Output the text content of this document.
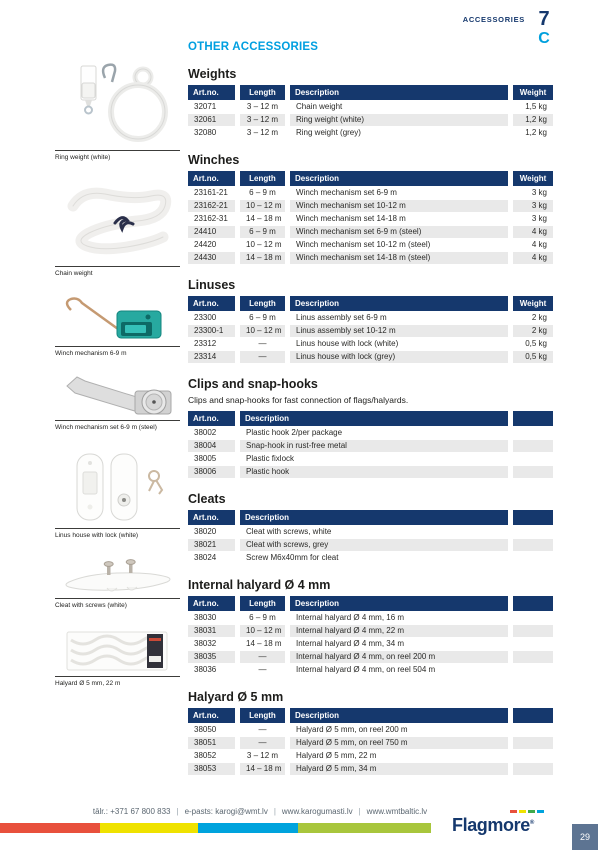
ACCESSORIES 7
C
Ring weight (white)
Chain weight
Winch mechanism 6-9 m
Winch mechanism set 6-9 m (steel)
Linus house with lock (white)
Cleat with screws (white)
Halyard Ø 5 mm, 22 m
OTHER ACCESSORIES
Weights
Art.no.	Length	Description	Weight
32071	3 – 12 m	Chain weight	1,5 kg
32061	3 – 12 m	Ring weight (white)	1,2 kg
32080	3 – 12 m	Ring weight (grey)	1,2 kg
Winches
Art.no.	Length	Description	Weight
23161-21	6 – 9 m	Winch mechanism set 6-9 m	3 kg
23162-21	10 – 12 m	Winch mechanism set 10-12 m	3 kg
23162-31	14 – 18 m	Winch mechanism set 14-18 m	3 kg
24410	6 – 9 m	Winch mechanism set 6-9 m (steel)	4 kg
24420	10 – 12 m	Winch mechanism set 10-12 m (steel)	4 kg
24430	14 – 18 m	Winch mechanism set 14-18 m (steel)	4 kg
Linuses
Art.no.	Length	Description	Weight
23300	6 – 9 m	Linus assembly set 6-9 m	2 kg
23300-1	10 – 12 m	Linus assembly set 10-12 m	2 kg
23312	—	Linus house with lock (white)	0,5 kg
23314	—	Linus house with lock (grey)	0,5 kg
Clips and snap-hooks

Clips and snap-hooks for fast connection of flags/halyards.

Art.no.	Description
38002	Plastic hook 2/per package
38004	Snap-hook in rust-free metal
38005	Plastic fixlock
38006	Plastic hook
Cleats
Art.no.	Description
38020	Cleat with screws, white
38021	Cleat with screws, grey
38024	Screw M6x40mm for cleat
Internal halyard Ø 4 mm
Art.no.	Length	Description
38030	6 – 9 m	Internal halyard Ø 4 mm, 16 m
38031	10 – 12 m	Internal halyard Ø 4 mm, 22 m
38032	14 – 18 m	Internal halyard Ø 4 mm, 34 m
38035	—	Internal halyard Ø 4 mm, on reel 200 m
38036	—	Internal halyard Ø 4 mm, on reel 504 m
Halyard Ø 5 mm
Art.no.	Length	Description
38050	—	Halyard Ø 5 mm, on reel 200 m
38051	—	Halyard Ø 5 mm, on reel 750 m
38052	3 – 12 m	Halyard Ø 5 mm, 22 m
38053	14 – 18 m	Halyard Ø 5 mm, 34 m
tālr.: +371 67 800 833 | e-pasts: karogi@wmt.lv | www.karogumasti.lv | www.wmtbaltic.lv
Flagmore®
29
